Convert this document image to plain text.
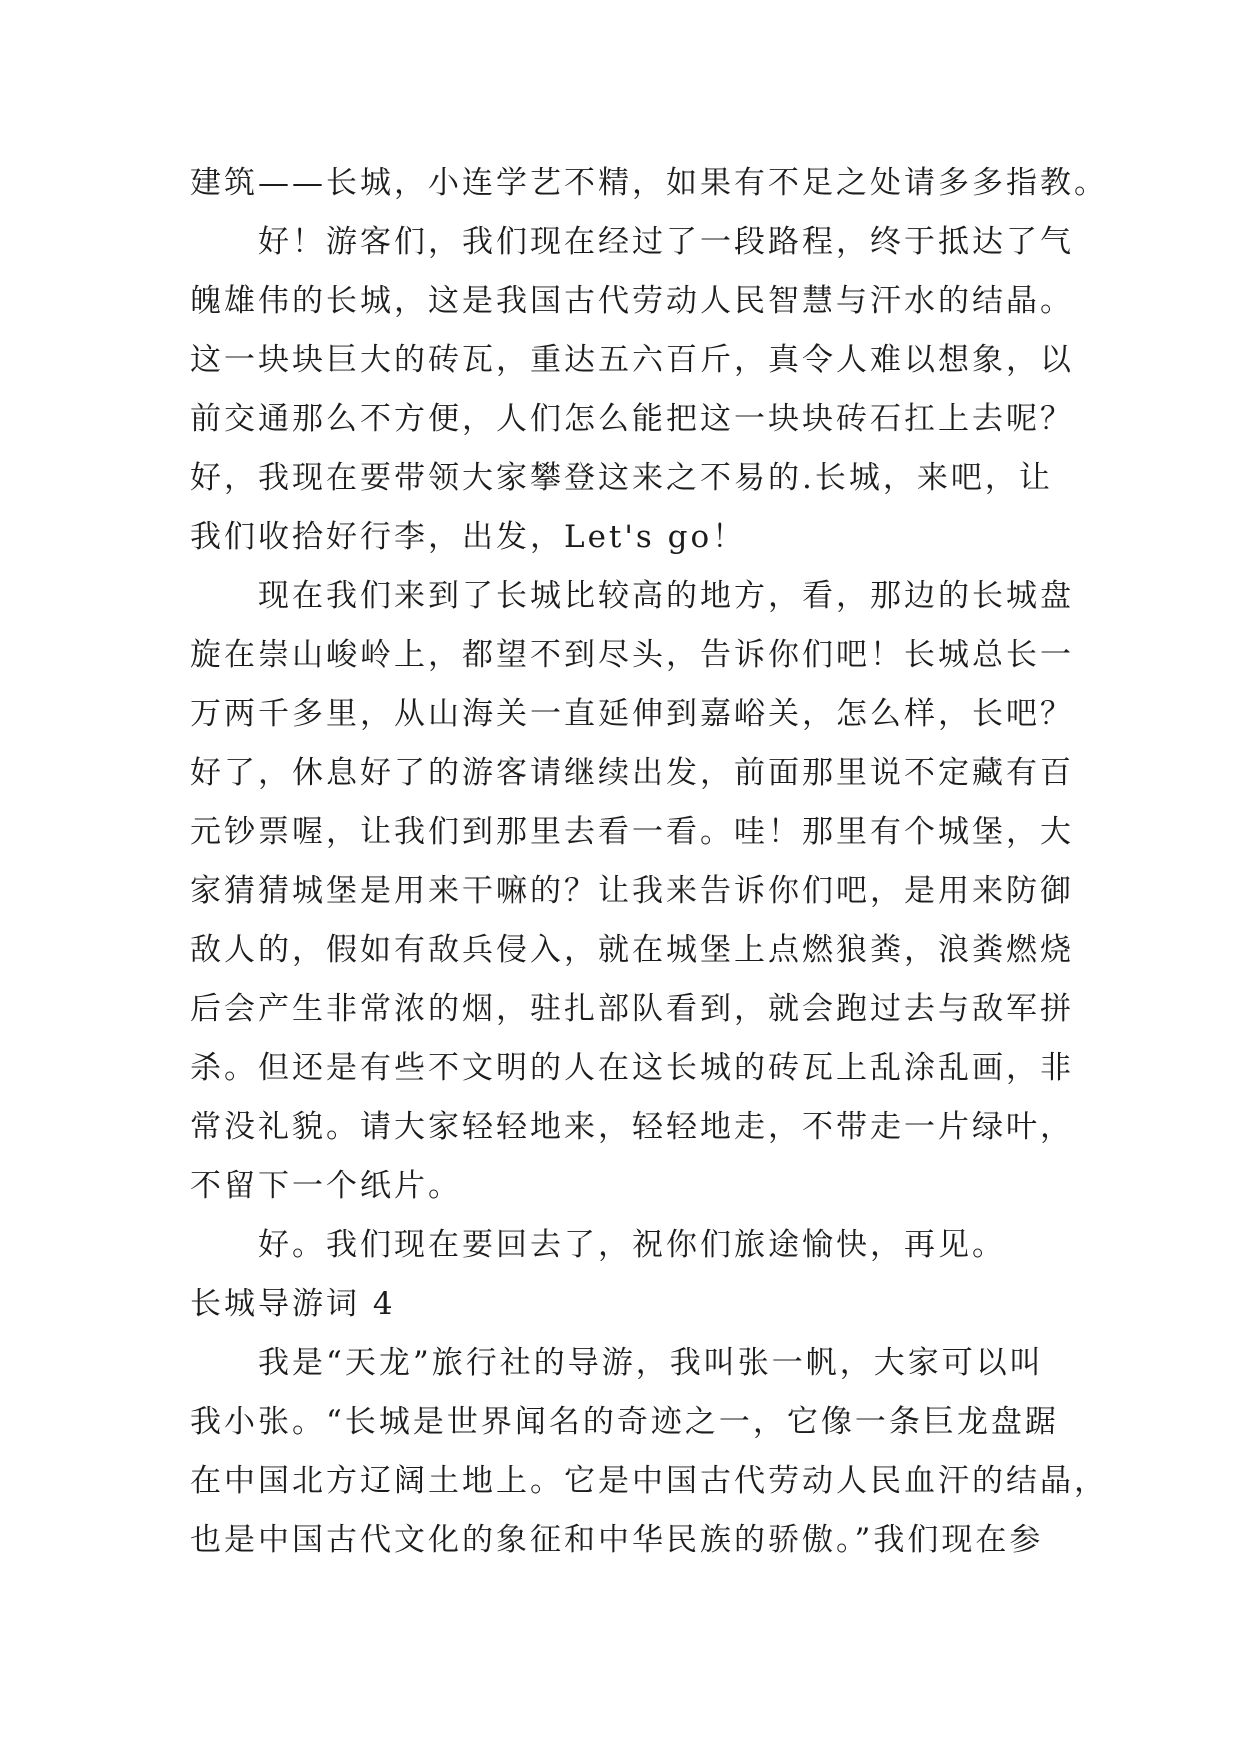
建筑——长城，小连学艺不精，如果有不足之处请多多指教。
好！游客们，我们现在经过了一段路程，终于抵达了气
魄雄伟的长城，这是我国古代劳动人民智慧与汗水的结晶。
这一块块巨大的砖瓦，重达五六百斤，真令人难以想象，以
前交通那么不方便，人们怎么能把这一块块砖石扛上去呢？
好，我现在要带领大家攀登这来之不易的.长城，来吧，让
我们收拾好行李，出发，Let's go！
现在我们来到了长城比较高的地方，看，那边的长城盘
旋在崇山峻岭上，都望不到尽头，告诉你们吧！长城总长一
万两千多里，从山海关一直延伸到嘉峪关，怎么样，长吧？
好了，休息好了的游客请继续出发，前面那里说不定藏有百
元钞票喔，让我们到那里去看一看。哇！那里有个城堡，大
家猜猜城堡是用来干嘛的？让我来告诉你们吧，是用来防御
敌人的，假如有敌兵侵入，就在城堡上点燃狼粪，浪粪燃烧
后会产生非常浓的烟，驻扎部队看到，就会跑过去与敌军拼
杀。但还是有些不文明的人在这长城的砖瓦上乱涂乱画，非
常没礼貌。请大家轻轻地来，轻轻地走，不带走一片绿叶，
不留下一个纸片。
好。我们现在要回去了，祝你们旅途愉快，再见。
长城导游词 4
我是“天龙”旅行社的导游，我叫张一帆，大家可以叫
我小张。“长城是世界闻名的奇迹之一，它像一条巨龙盘踞
在中国北方辽阔土地上。它是中国古代劳动人民血汗的结晶，
也是中国古代文化的象征和中华民族的骄傲。”我们现在参
